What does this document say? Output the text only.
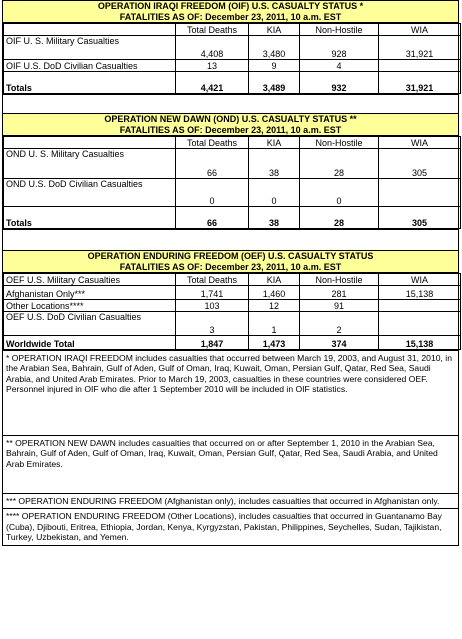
OPERATION IRAQI FREEDOM (OIF) U.S. CASUALTY STATUS *
FATALITIES AS OF: December 23, 2011, 10 a.m. EST
	Total Deaths	KIA	Non-Hostile	WIA
OIF U. S. Military Casualties	4,408	3,480	928	31,921
OIF U.S. DoD Civilian Casualties	13	9	4	
Totals	4,421	3,489	932	31,921
OPERATION NEW DAWN (OND) U.S. CASUALTY STATUS **
FATALITIES AS OF: December 23, 2011, 10 a.m. EST
	Total Deaths	KIA	Non-Hostile	WIA
OND U. S. Military Casualties	66	38	28	305
OND U.S. DoD Civilian Casualties	0	0	0	
Totals	66	38	28	305
OPERATION ENDURING FREEDOM (OEF) U.S. CASUALTY STATUS
FATALITIES AS OF: December 23, 2011, 10 a.m. EST
OEF U.S. Military Casualties	Total Deaths	KIA	Non-Hostile	WIA
Afghanistan Only***	1,741	1,460	281	15,138
Other Locations****	103	12	91	
OEF U.S. DoD Civilian Casualties	3	1	2	
Worldwide Total	1,847	1,473	374	15,138
* OPERATION IRAQI FREEDOM includes casualties that occurred between March 19, 2003, and August 31, 2010, in the Arabian Sea, Bahrain, Gulf of Aden, Gulf of Oman, Iraq, Kuwait, Oman, Persian Gulf, Qatar, Red Sea, Saudi Arabia, and United Arab Emirates. Prior to March 19, 2003, casualties in these countries were considered OEF. Personnel injured in OIF who die after 1 September 2010 will be included in OIF statistics.
** OPERATION NEW DAWN includes casualties that occurred on or after September 1, 2010 in the Arabian Sea, Bahrain, Gulf of Aden, Gulf of Oman, Iraq, Kuwait, Oman, Persian Gulf, Qatar, Red Sea, Saudi Arabia, and United Arab Emirates.
*** OPERATION ENDURING FREEDOM (Afghanistan only), includes casualties that occurred in Afghanistan only.
**** OPERATION ENDURING FREEDOM (Other Locations), includes casualties that occurred in Guantanamo Bay (Cuba), Djibouti, Eritrea, Ethiopia, Jordan, Kenya, Kyrgyzstan, Pakistan, Philippines, Seychelles, Sudan, Tajikistan, Turkey, Uzbekistan, and Yemen.
